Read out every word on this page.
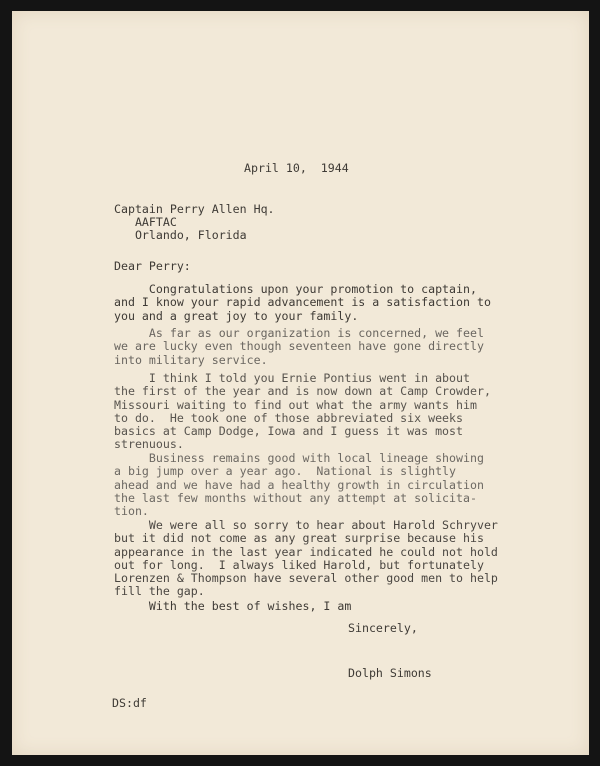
April 10,  1944
Captain Perry Allen Hq.
AAFTAC
Orlando, Florida
Dear Perry:
Congratulations upon your promotion to captain,
and I know your rapid advancement is a satisfaction to
you and a great joy to your family.
As far as our organization is concerned, we feel
we are lucky even though seventeen have gone directly
into military service.
I think I told you Ernie Pontius went in about
the first of the year and is now down at Camp Crowder,
Missouri waiting to find out what the army wants him
to do.  He took one of those abbreviated six weeks
basics at Camp Dodge, Iowa and I guess it was most
strenuous.
Business remains good with local lineage showing
a big jump over a year ago.  National is slightly
ahead and we have had a healthy growth in circulation
the last few months without any attempt at solicita-
tion.
We were all so sorry to hear about Harold Schryver
but it did not come as any great surprise because his
appearance in the last year indicated he could not hold
out for long.  I always liked Harold, but fortunately
Lorenzen & Thompson have several other good men to help
fill the gap.
With the best of wishes, I am
Sincerely,
Dolph Simons
DS:df
